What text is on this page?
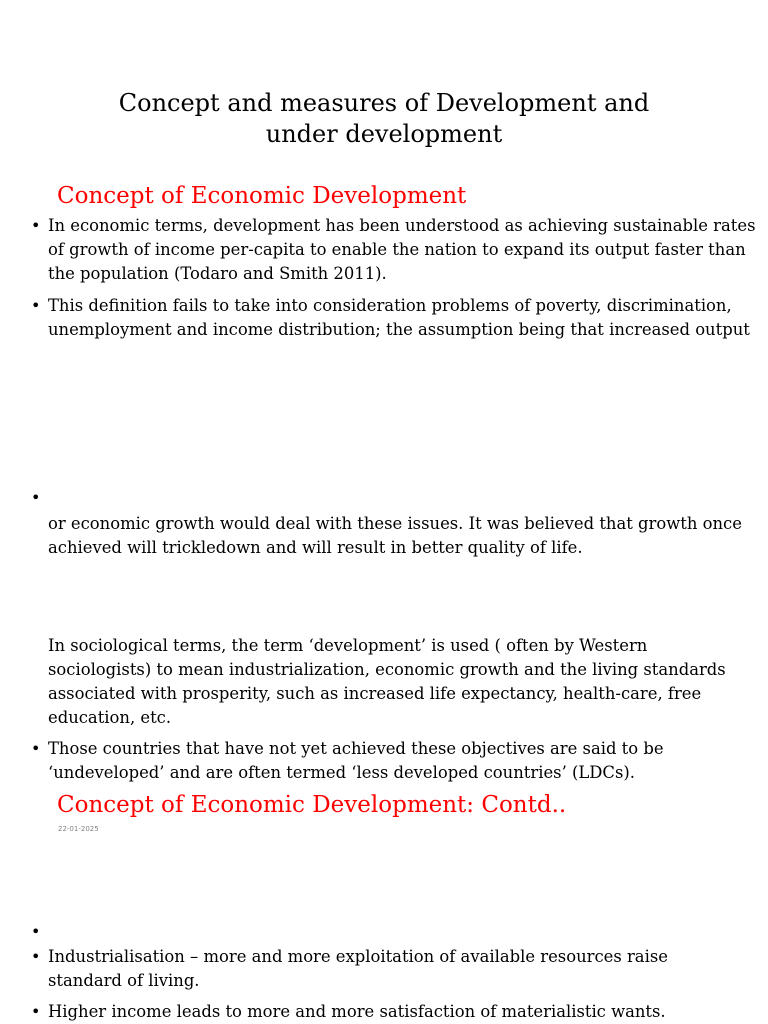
Concept and measures of Development and
under development
Concept of Economic Development
• In economic terms, development has been understood as achieving sustainable rates
of growth of income per-capita to enable the nation to expand its output faster than
the population (Todaro and Smith 2011).
• This definition fails to take into consideration problems of poverty, discrimination,
unemployment and income distribution; the assumption being that increased output
•
or economic growth would deal with these issues. It was believed that growth once
achieved will trickledown and will result in better quality of life.
In sociological terms, the term ‘development’ is used ( often by Western
sociologists) to mean industrialization, economic growth and the living standards
associated with prosperity, such as increased life expectancy, health-care, free
education, etc.
• Those countries that have not yet achieved these objectives are said to be
‘undeveloped’ and are often termed ‘less developed countries’ (LDCs).
Concept of Economic Development: Contd..
22-01-2025
•
• Industrialisation – more and more exploitation of available resources raise
standard of living.
• Higher income leads to more and more satisfaction of materialistic wants.
